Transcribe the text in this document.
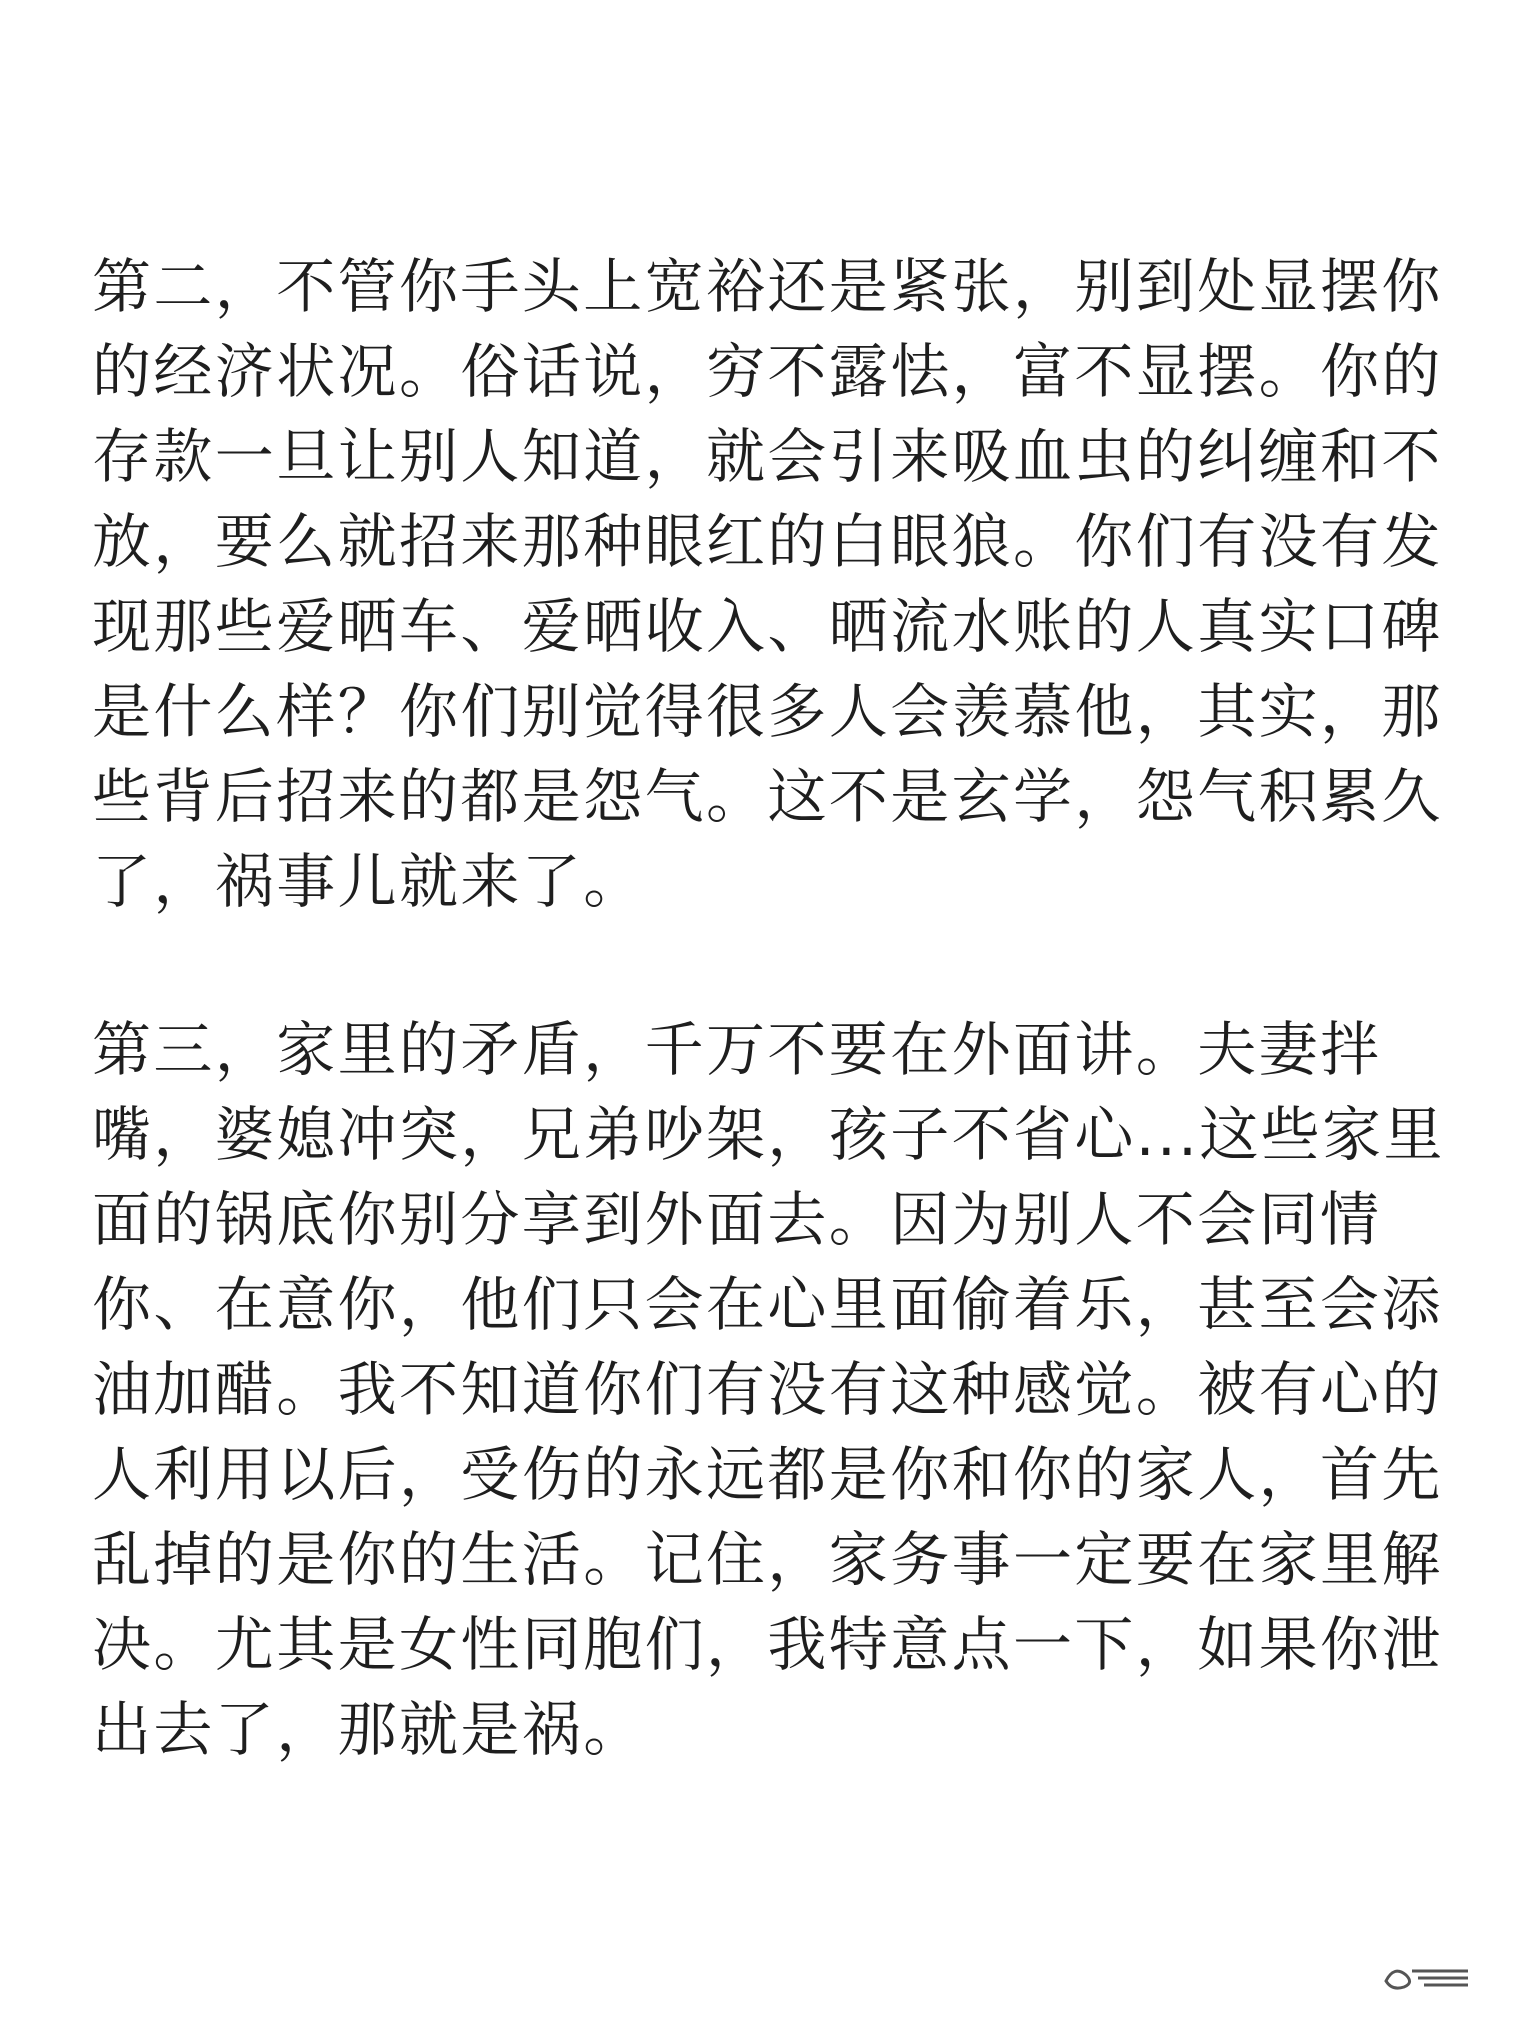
第二，不管你手头上宽裕还是紧张，别到处显摆你
的经济状况。俗话说，穷不露怯，富不显摆。你的
存款一旦让别人知道，就会引来吸血虫的纠缠和不
放，要么就招来那种眼红的白眼狼。你们有没有发
现那些爱晒车、爱晒收入、晒流水账的人真实口碑
是什么样？你们别觉得很多人会羡慕他，其实，那
些背后招来的都是怨气。这不是玄学，怨气积累久
了，祸事儿就来了。
第三，家里的矛盾，千万不要在外面讲。夫妻拌
嘴，婆媳冲突，兄弟吵架，孩子不省心...这些家里
面的锅底你别分享到外面去。因为别人不会同情
你、在意你，他们只会在心里面偷着乐，甚至会添
油加醋。我不知道你们有没有这种感觉。被有心的
人利用以后，受伤的永远都是你和你的家人，首先
乱掉的是你的生活。记住，家务事一定要在家里解
决。尤其是女性同胞们，我特意点一下，如果你泄
出去了，那就是祸。
